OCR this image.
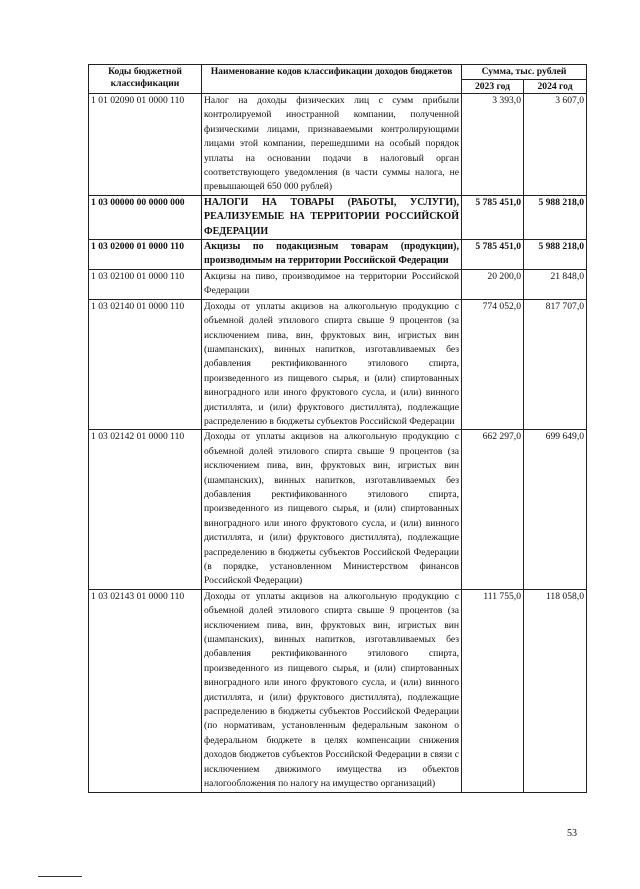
Коды бюджетной классификации	Наименование кодов классификации доходов бюджетов	Сумма, тыс. рублей	
		2023 год	2024 год
1 01 02090 01 0000 110	Налог на доходы физических лиц с сумм прибыли контролируемой иностранной компании, полученной физическими лицами, признаваемыми контролирующими лицами этой компании, перешедшими на особый порядок уплаты на основании подачи в налоговый орган соответствующего уведомления (в части суммы налога, не превышающей 650 000 рублей)	3 393,0	3 607,0
1 03 00000 00 0000 000	НАЛОГИ НА ТОВАРЫ (РАБОТЫ, УСЛУГИ), РЕАЛИЗУЕМЫЕ НА ТЕРРИТОРИИ РОССИЙСКОЙ ФЕДЕРАЦИИ	5 785 451,0	5 988 218,0
1 03 02000 01 0000 110	Акцизы по подакцизным товарам (продукции), производимым на территории Российской Федерации	5 785 451,0	5 988 218,0
1 03 02100 01 0000 110	Акцизы на пиво, производимое на территории Российской Федерации	20 200,0	21 848,0
1 03 02140 01 0000 110	Доходы от уплаты акцизов на алкогольную продукцию с объемной долей этилового спирта свыше 9 процентов (за исключением пива, вин, фруктовых вин, игристых вин (шампанских), винных напитков, изготавливаемых без добавления ректификованного этилового спирта, произведенного из пищевого сырья, и (или) спиртованных виноградного или иного фруктового сусла, и (или) винного дистиллята, и (или) фруктового дистиллята), подлежащие распределению в бюджеты субъектов Российской Федерации	774 052,0	817 707,0
1 03 02142 01 0000 110	Доходы от уплаты акцизов на алкогольную продукцию с объемной долей этилового спирта свыше 9 процентов (за исключением пива, вин, фруктовых вин, игристых вин (шампанских), винных напитков, изготавливаемых без добавления ректификованного этилового спирта, произведенного из пищевого сырья, и (или) спиртованных виноградного или иного фруктового сусла, и (или) винного дистиллята, и (или) фруктового дистиллята), подлежащие распределению в бюджеты субъектов Российской Федерации (в порядке, установленном Министерством финансов Российской Федерации)	662 297,0	699 649,0
1 03 02143 01 0000 110	Доходы от уплаты акцизов на алкогольную продукцию с объемной долей этилового спирта свыше 9 процентов (за исключением пива, вин, фруктовых вин, игристых вин (шампанских), винных напитков, изготавливаемых без добавления ректификованного этилового спирта, произведенного из пищевого сырья, и (или) спиртованных виноградного или иного фруктового сусла, и (или) винного дистиллята, и (или) фруктового дистиллята), подлежащие распределению в бюджеты субъектов Российской Федерации (по нормативам, установленным федеральным законом о федеральном бюджете в целях компенсации снижения доходов бюджетов субъектов Российской Федерации в связи с исключением движимого имущества из объектов налогообложения по налогу на имущество организаций)	111 755,0	118 058,0
53
